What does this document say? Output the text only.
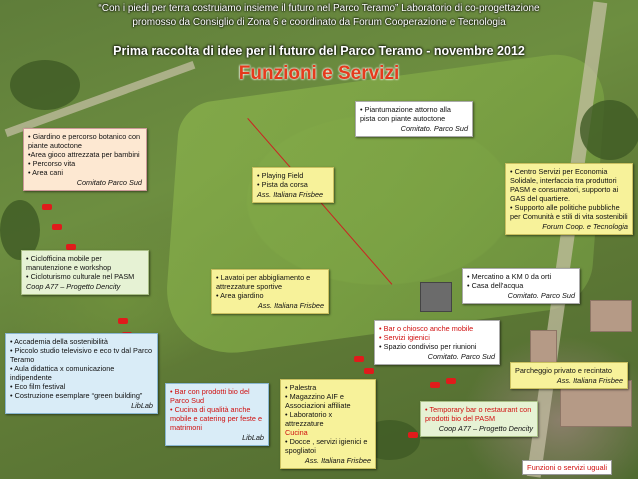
“Con i piedi per terra costruiamo insieme il futuro nel Parco Teramo” Laboratorio di co-progettazione
promosso da Consiglio di Zona 6 e coordinato da Forum Cooperazione e Tecnologia
Prima raccolta di idee per il futuro del Parco Teramo - novembre 2012
Funzioni e Servizi
• Piantumazione attorno alla pista con piante autoctone
Comitato. Parco Sud
• Giardino e percorso botanico con piante autoctone
•Area gioco attrezzata per bambini
• Percorso vita
• Area cani
Comitato Parco Sud
• Playing Field
• Pista da corsa
Ass. Italiana Frisbee
• Centro Servizi per Economia Solidale, interfaccia tra produttori PASM e consumatori, supporto ai GAS del quartiere.
• Supporto alle politiche pubbliche per Comunità e stili di vita sostenibili
Forum Coop. e Tecnologia
• Ciclofficina mobile per manutenzione e workshop
• Cicloturismo culturale nel PASM
Coop A77 – Progetto Dencity
• Lavatoi per abbigliamento e attrezzature sportive
• Area giardino
Ass. Italiana Frisbee
• Mercatino a KM 0 da orti
• Casa dell'acqua
Comitato. Parco Sud
• Bar o chiosco anche mobile
• Servizi igienici
• Spazio condiviso per riunioni
Comitato. Parco Sud
• Accademia della sostenibilità
• Piccolo studio televisivo e eco tv dal Parco Teramo
• Aula didattica x comunicazione indipendente
• Eco film festival
• Costruzione esemplare “green building”
LibLab
• Bar con prodotti bio del Parco Sud
• Cucina di qualità anche mobile e catering per feste e matrimoni
LibLab
• Palestra
• Magazzino AIF e Associazioni affiliate
• Laboratorio x attrezzature
Cucina
• Docce , servizi igienici e spogliatoi
Ass. Italiana Frisbee
Parcheggio privato e recintato
Ass. Italiana Frisbee
• Temporary bar o restaurant con prodotti bio del PASM
Coop A77 – Progetto Dencity
Funzioni o servizi uguali
